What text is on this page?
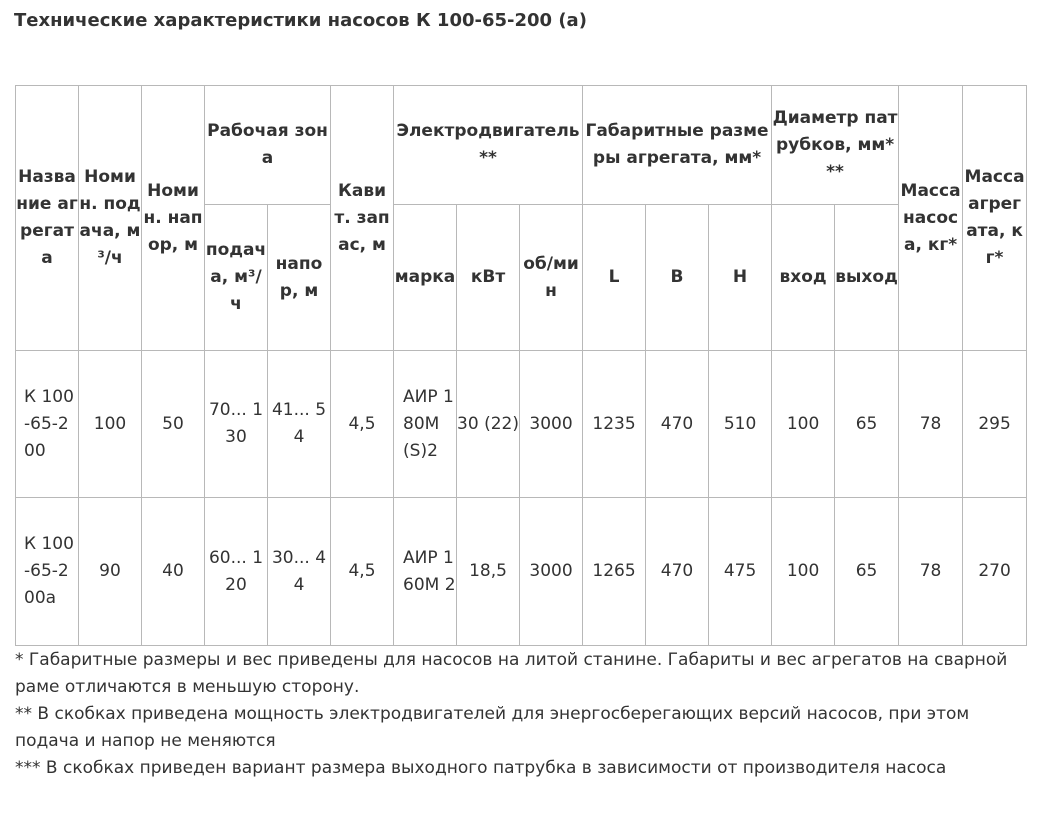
Технические характеристики насосов К 100-65-200 (а)
Название агрегата	Номин. подача, м³/ч	Номин. напор, м	Рабочая зона		Кавит. запас, м	Электродвигатель**			Габаритные размеры агрегата, мм*			Диаметр патрубков, мм***		Масса насоса, кг*	Масса агрегата, кг*

			подача, м³/ч	напор, м		марка	кВт	об/мин	L	B	H	вход	выход		

К 100-65-200	100	50	70... 130	41... 54	4,5	АИР 180М (S)2	30 (22)	3000	1235	470	510	100	65	78	295

К 100-65-200а	90	40	60... 120	30... 44	4,5	АИР 160М 2	18,5	3000	1265	470	475	100	65	78	270
* Габаритные размеры и вес приведены для насосов на литой станине. Габариты и вес агрегатов на сварной раме отличаются в меньшую сторону.
** В скобках приведена мощность электродвигателей для энергосберегающих версий насосов, при этом подача и напор не меняются
*** В скобках приведен вариант размера выходного патрубка в зависимости от производителя насоса
